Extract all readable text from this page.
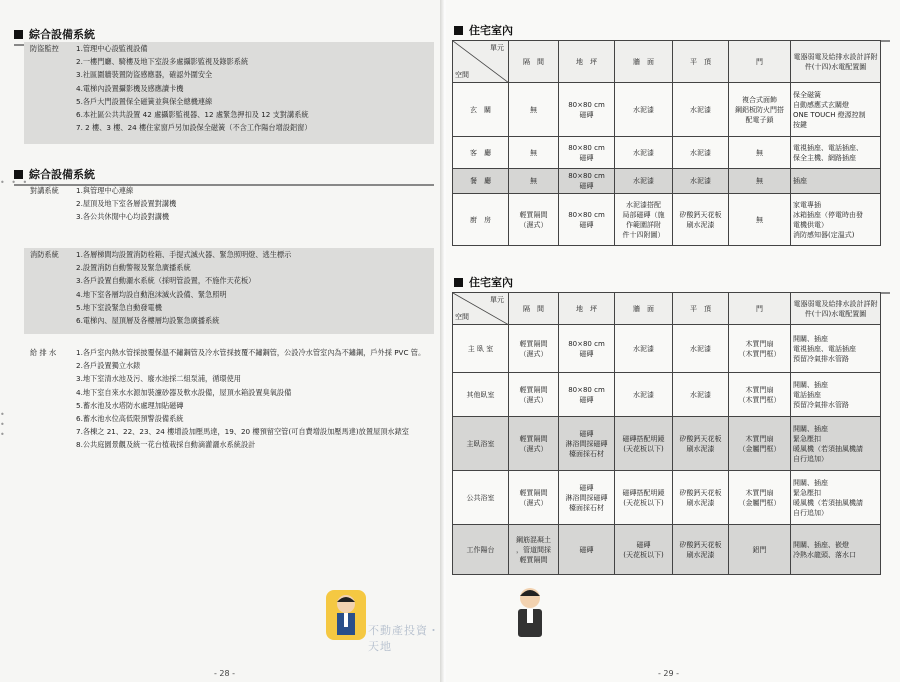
綜合設備系統
防盜監控	1.管理中心設監視設備
2.一樓門廳、騎樓及地下室設多處攝影監視及錄影系統
3.社區圍牆裝置防盜感應器，確認外圍安全
4.電梯內設置攝影機及感應讀卡機
5.各戶大門設置保全磁簧並與保全總機連線
6.本社區公共共設置 42 處攝影監視器、12 處緊急押扣及 12 支對講系統
7. 2 樓、3 樓、24 樓住家窗戶另加設保全磁簧（不含工作陽台增設鋁窗）
綜合設備系統
• • •
對講系統	1.與管理中心連線
2.屋頂及地下室各層設置對講機
3.各公共休閒中心均設對講機
消防系統	1.各層梯間均設置消防栓箱、手提式滅火器、緊急照明燈、逃生標示
2.設置消防自動警報及緊急廣播系統
3.各戶設置自動灑水系統（採明管設置，不施作天花板）
4.地下室各層均設自動泡沫滅火設備、緊急照明
5.地下室設緊急自動發電機
6.電梯內、屋頂層及各樓層均設緊急廣播系統
給 排 水	1.各戶室內熱水管採披覆保溫不鏽鋼管及冷水管採披覆不鏽鋼管，公設冷水管室內為不鏽鋼，戶外採 PVC 管。
2.各戶設置獨立水錶
3.地下室清水池及污、廢水池採二組泵浦，循環使用
4.地下室自來水水源加裝濾砂器及軟水設備，屋頂水箱設置臭氧設備
5.蓄水池及水塔防水處理加貼磁磚
6.蓄水池水位高低限預警設備系統
7.各棟之 21、22、23、24 樓增設加壓馬達，19、20 樓預留空管(可自費增設加壓馬達)放置屋頂水錶室
8.公共庭園景觀及統一花台植栽採自動滴灌灑水系統設計
•
•
•
不動產投資・天地
- 28 -
住宅室內
住宅室內
- 29 -
單元
空間	隔　間	地　坪	牆　面	平　頂	門	電器弱電及給排水設計詳附件(十四)水電配置圖
玄　關	無	80×80 cm
磁磚	水泥漆	水泥漆	複合式面飾
鋼鋁板防火門搭
配電子鎖	保全磁簧
自動感應式玄關燈
ONE TOUCH 燈源控制
按鍵
客　廳	無	80×80 cm
磁磚	水泥漆	水泥漆	無	電視插座、電話插座、
保全主機、網路插座
餐　廳	無	80×80 cm
磁磚	水泥漆	水泥漆	無	插座
廚　房	輕質隔間
（濕式）	80×80 cm
磁磚	水泥漆搭配
局部磁磚（施
作範圍詳附
件十四附圖）	矽酸鈣天花板
刷水泥漆	無	家電專插
冰箱插座（停電時由發
電機供電）
消防感知器(定溫式)
單元
空間	隔　間	地　坪	牆　面	平　頂	門	電器弱電及給排水設計詳附件(十四)水電配置圖
主 臥 室	輕質隔間
（濕式）	80×80 cm
磁磚	水泥漆	水泥漆	木質門扇
（木質門框）	開關、插座
電視插座、電話插座
預留冷氣排水管路
其他臥室	輕質隔間
（濕式）	80×80 cm
磁磚	水泥漆	水泥漆	木質門扇
（木質門框）	開關、插座
電話插座
預留冷氣排水管路
主臥浴室	輕質隔間
（濕式）	磁磚
淋浴間採磁磚
檯面採石材	磁磚搭配明鏡
(天花板以下)	矽酸鈣天花板
刷水泥漆	木質門扇
（金屬門框）	開關、插座
緊急壓扣
暖風機（若須抽風機請
自行追加）
公共浴室	輕質隔間
（濕式）	磁磚
淋浴間採磁磚
檯面採石材	磁磚搭配明鏡
(天花板以下)	矽酸鈣天花板
刷水泥漆	木質門扇
（金屬門框）	開關、插座
緊急壓扣
暖風機（若須抽風機請
自行追加）
工作陽台	鋼筋混凝土
，管道間採
輕質隔間	磁磚	磁磚
(天花板以下)	矽酸鈣天花板
刷水泥漆	鋁門	開關、插座、嵌燈
冷熱水龍頭、落水口
